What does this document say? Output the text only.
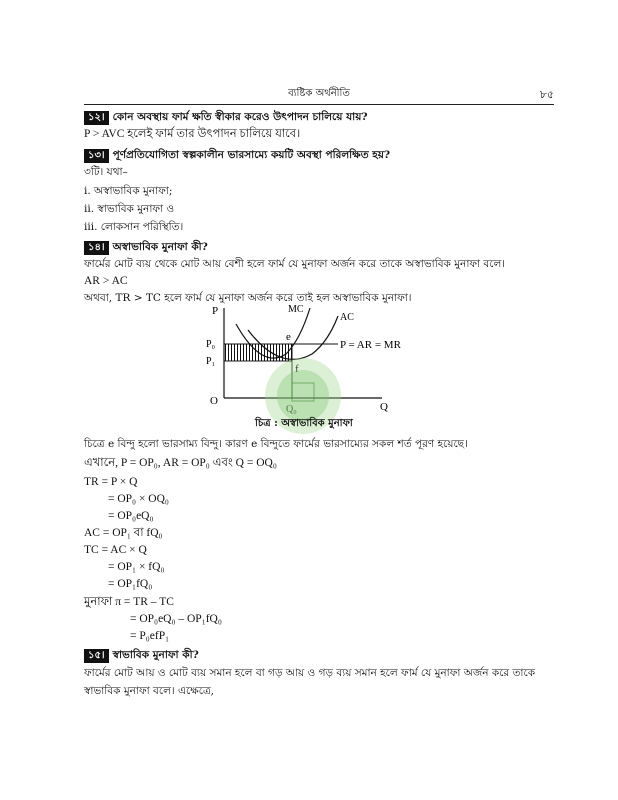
ব্যষ্টিক অর্থনীতি	৮৫
১২। কোন অবস্থায় ফার্ম ক্ষতি স্বীকার করেও উৎপাদন চালিয়ে যায়?
P > AVC হলেই ফার্ম তার উৎপাদন চালিয়ে যাবে।
১৩। পূর্ণপ্রতিযোগিতা স্বল্পকালীন ভারসাম্যে কয়টি অবস্থা পরিলক্ষিত হয়?
৩টি। যথা–
i. অস্বাভাবিক মুনাফা;
ii. স্বাভাবিক মুনাফা ও
iii. লোকসান পরিস্থিতি।
১৪। অস্বাভাবিক মুনাফা কী?
ফার্মের মোট ব্যয় থেকে মোট আয় বেশী হলে ফার্ম যে মুনাফা অর্জন করে তাকে অস্বাভাবিক মুনাফা বলে।
AR > AC
অথবা, TR > TC হলে ফার্ম যে মুনাফা অর্জন করে তাই হল অস্বাভাবিক মুনাফা।
P
P₀
P₁
O
Q₀	Q
MC
AC
e
f
P = AR = MR
চিত্র : অস্বাভাবিক মুনাফা
চিত্রে e বিন্দু হলো ভারসাম্য বিন্দু। কারণ e বিন্দুতে ফার্মের ভারসাম্যের সকল শর্ত পূরণ হয়েছে।
এখানে, P = OP₀, AR = OP₀ এবং Q = OQ₀
TR = P × Q
= OP₀ × OQ₀
= OP₀eQ₀
AC = OP₁ বা fQ₀
TC = AC × Q
= OP₁ × fQ₀
= OP₁fQ₀
মুনাফা π = TR – TC
= OP₀eQ₀ – OP₁fQ₀
= P₀efP₁
১৫। স্বাভাবিক মুনাফা কী?
ফার্মের মোট আয় ও মোট ব্যয় সমান হলে বা গড় আয় ও গড় ব্যয় সমান হলে ফার্ম যে মুনাফা অর্জন করে তাকে
স্বাভাবিক মুনাফা বলে। এক্ষেত্রে,
